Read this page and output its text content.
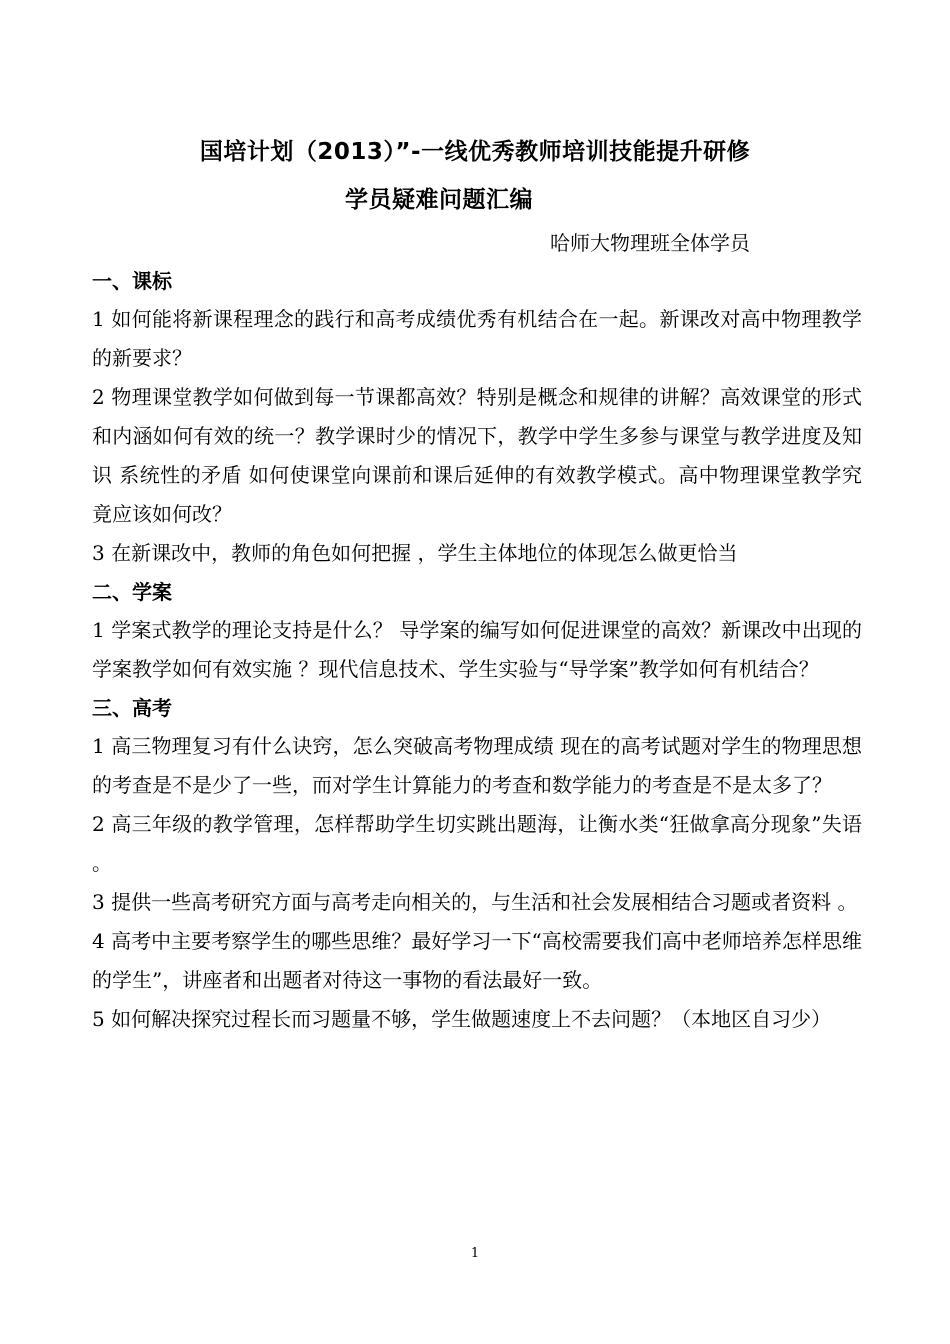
国培计划（2013）”-一线优秀教师培训技能提升研修
学员疑难问题汇编
哈师大物理班全体学员
一、课标
1 如何能将新课程理念的践行和高考成绩优秀有机结合在一起。新课改对高中物理教学的新要求？
2 物理课堂教学如何做到每一节课都高效？特别是概念和规律的讲解？高效课堂的形式和内涵如何有效的统一？教学课时少的情况下，教学中学生多参与课堂与教学进度及知识 系统性的矛盾 如何使课堂向课前和课后延伸的有效教学模式。高中物理课堂教学究竟应该如何改？
3 在新课改中，教师的角色如何把握 ，学生主体地位的体现怎么做更恰当
二、学案
1 学案式教学的理论支持是什么？ 导学案的编写如何促进课堂的高效？新课改中出现的学案教学如何有效实施 ？现代信息技术、学生实验与“导学案”教学如何有机结合？
三、高考
1 高三物理复习有什么诀窍，怎么突破高考物理成绩 现在的高考试题对学生的物理思想的考查是不是少了一些，而对学生计算能力的考查和数学能力的考查是不是太多了？
2 高三年级的教学管理，怎样帮助学生切实跳出题海，让衡水类“狂做拿高分现象”失语 。
3 提供一些高考研究方面与高考走向相关的，与生活和社会发展相结合习题或者资料 。
4 高考中主要考察学生的哪些思维？最好学习一下“高校需要我们高中老师培养怎样思维的学生”，讲座者和出题者对待这一事物的看法最好一致。
5 如何解决探究过程长而习题量不够，学生做题速度上不去问题？（本地区自习少）
1
